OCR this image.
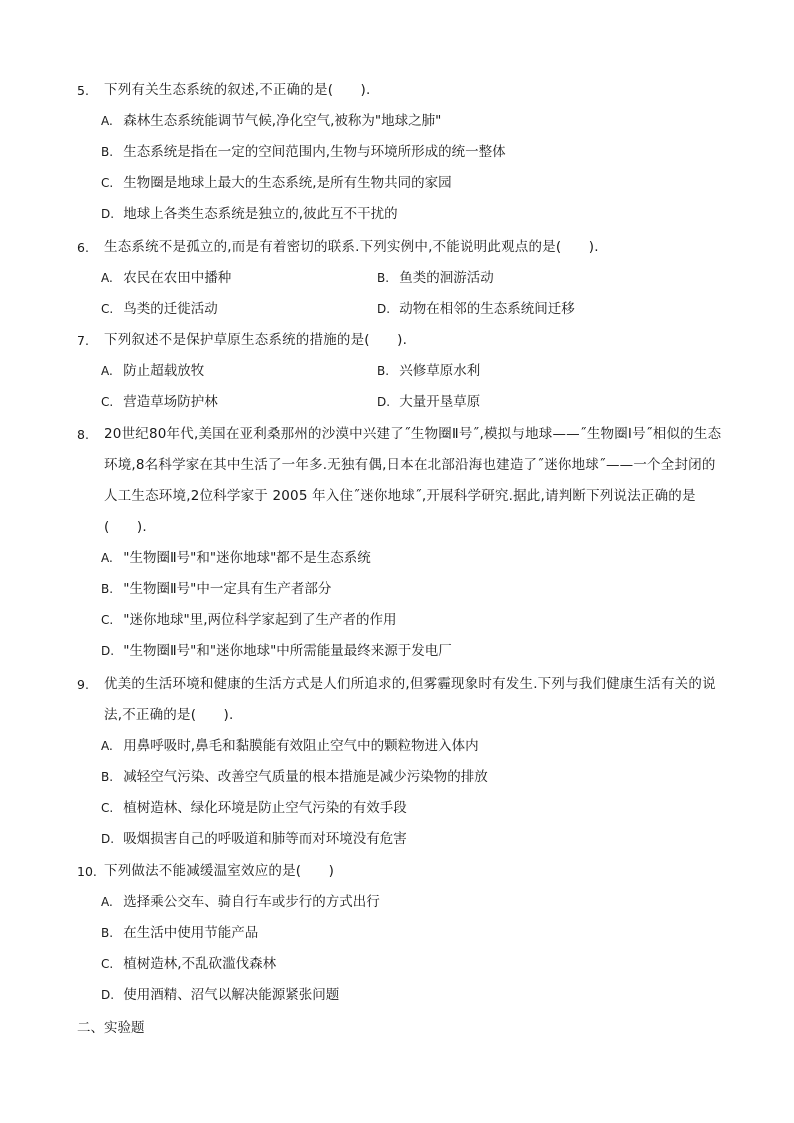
5.	下列有关生态系统的叙述,不正确的是(　　).
A. 森林生态系统能调节气候,净化空气,被称为"地球之肺"
B. 生态系统是指在一定的空间范围内,生物与环境所形成的统一整体
C. 生物圈是地球上最大的生态系统,是所有生物共同的家园
D. 地球上各类生态系统是独立的,彼此互不干扰的
6.	生态系统不是孤立的,而是有着密切的联系.下列实例中,不能说明此观点的是(　　).
A. 农民在农田中播种	B. 鱼类的洄游活动
C. 鸟类的迁徙活动	D. 动物在相邻的生态系统间迁移
7.	下列叙述不是保护草原生态系统的措施的是(　　).
A. 防止超载放牧	B. 兴修草原水利
C. 营造草场防护林	D. 大量开垦草原
8.	20世纪80年代,美国在亚利桑那州的沙漠中兴建了˝生物圈Ⅱ号˝,模拟与地球——˝生物圈Ⅰ号˝相似的生态环境,8名科学家在其中生活了一年多.无独有偶,日本在北部沿海也建造了˝迷你地球˝——一个全封闭的人工生态环境,2位科学家于 2005 年入住˝迷你地球˝,开展科学研究.据此,请判断下列说法正确的是(　　).
A. "生物圈Ⅱ号"和"迷你地球"都不是生态系统
B. "生物圈Ⅱ号"中一定具有生产者部分
C. "迷你地球"里,两位科学家起到了生产者的作用
D. "生物圈Ⅱ号"和"迷你地球"中所需能量最终来源于发电厂
9.	优美的生活环境和健康的生活方式是人们所追求的,但雾霾现象时有发生.下列与我们健康生活有关的说法,不正确的是(　　).
A. 用鼻呼吸时,鼻毛和黏膜能有效阻止空气中的颗粒物进入体内
B. 减轻空气污染、改善空气质量的根本措施是减少污染物的排放
C. 植树造林、绿化环境是防止空气污染的有效手段
D. 吸烟损害自己的呼吸道和肺等而对环境没有危害
10. 下列做法不能减缓温室效应的是(　　)
A. 选择乘公交车、骑自行车或步行的方式出行
B. 在生活中使用节能产品
C. 植树造林,不乱砍滥伐森林
D. 使用酒精、沼气以解决能源紧张问题
二、实验题
